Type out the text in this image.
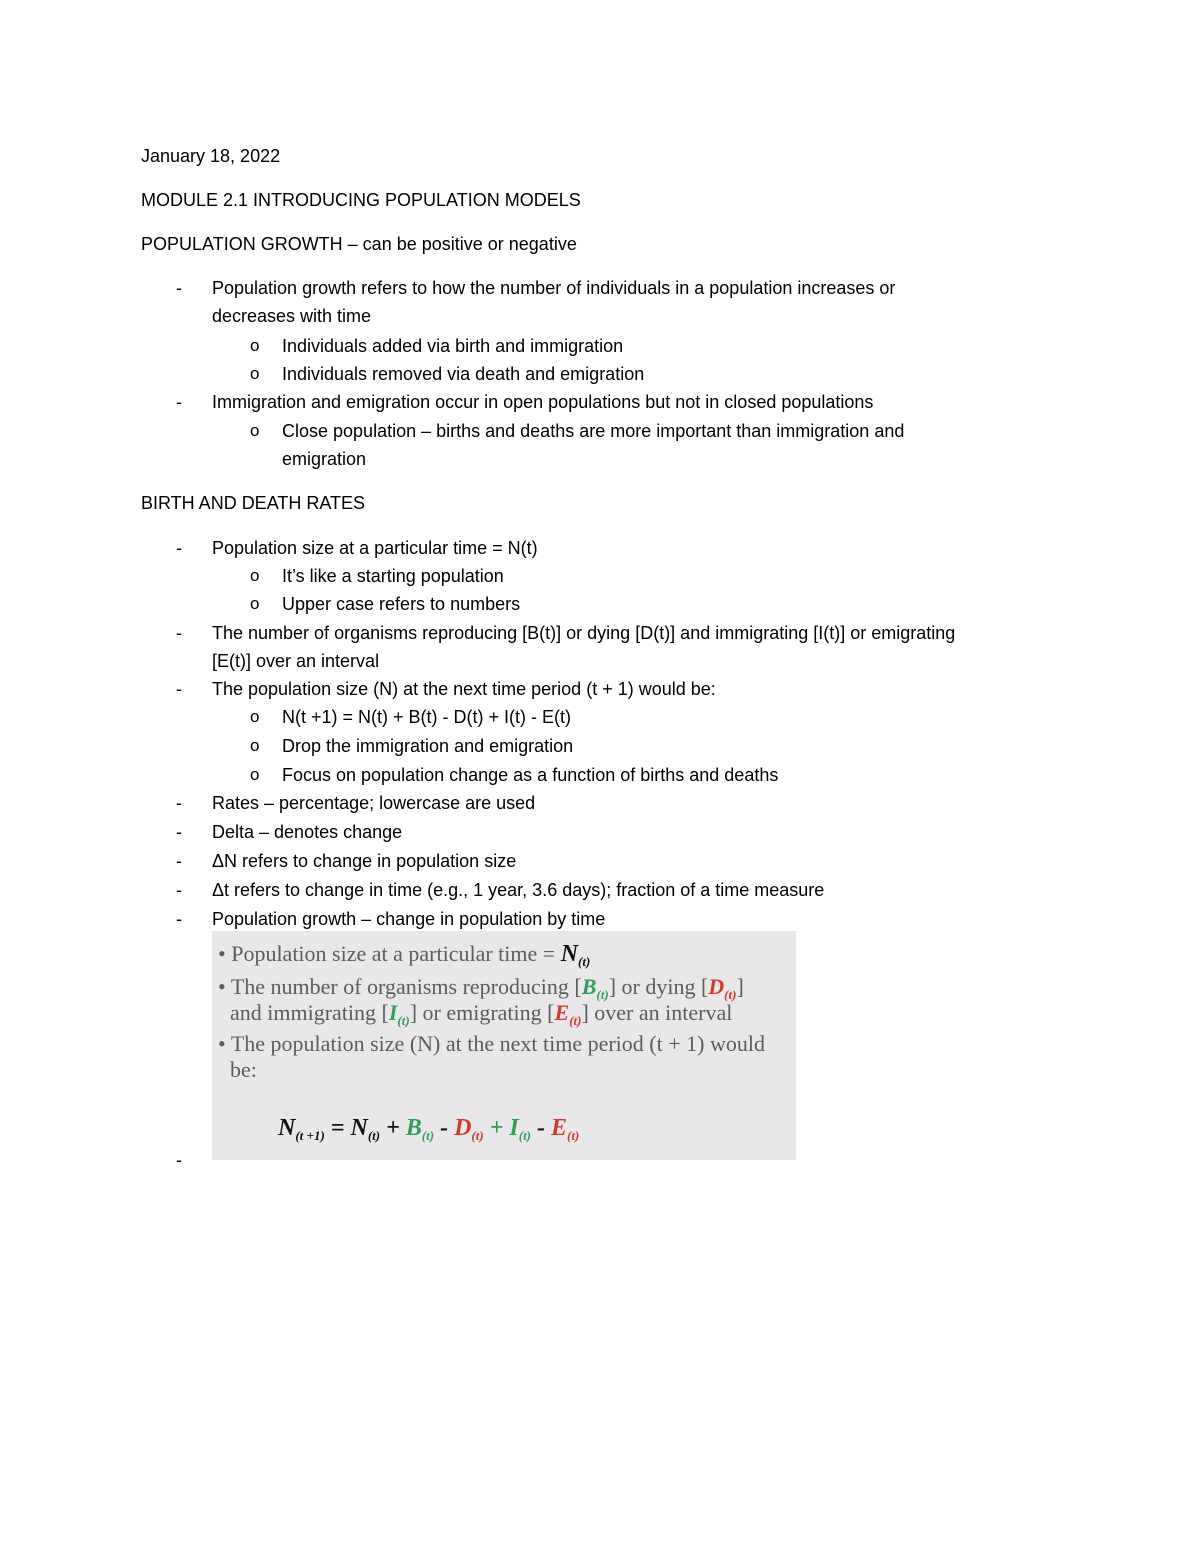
January 18, 2022
MODULE 2.1 INTRODUCING POPULATION MODELS
POPULATION GROWTH – can be positive or negative
- Population growth refers to how the number of individuals in a population increases or
decreases with time
o Individuals added via birth and immigration
o Individuals removed via death and emigration
- Immigration and emigration occur in open populations but not in closed populations
o Close population – births and deaths are more important than immigration and
emigration
BIRTH AND DEATH RATES
- Population size at a particular time = N(t)
o It’s like a starting population
o Upper case refers to numbers
- The number of organisms reproducing [B(t)] or dying [D(t)] and immigrating [I(t)] or emigrating
[E(t)] over an interval
- The population size (N) at the next time period (t + 1) would be:
o N(t +1) = N(t) + B(t) - D(t) + I(t) - E(t)
o Drop the immigration and emigration
o Focus on population change as a function of births and deaths
- Rates – percentage; lowercase are used
- Delta – denotes change
- ΔN refers to change in population size
- Δt refers to change in time (e.g., 1 year, 3.6 days); fraction of a time measure
- Population growth – change in population by time
-
• Population size at a particular time = $N_{(t)}$
• The number of organisms reproducing $[B_{(t)}]$ or dying $[D_{(t)}]$
and immigrating $[I_{(t)}]$ or emigrating $[E_{(t)}]$ over an interval
• The population size (N) at the next time period (t + 1) would
be:
$N_{(t +1)} = N_{(t)} + B_{(t)} - D_{(t)} + I_{(t)} - E_{(t)}$
